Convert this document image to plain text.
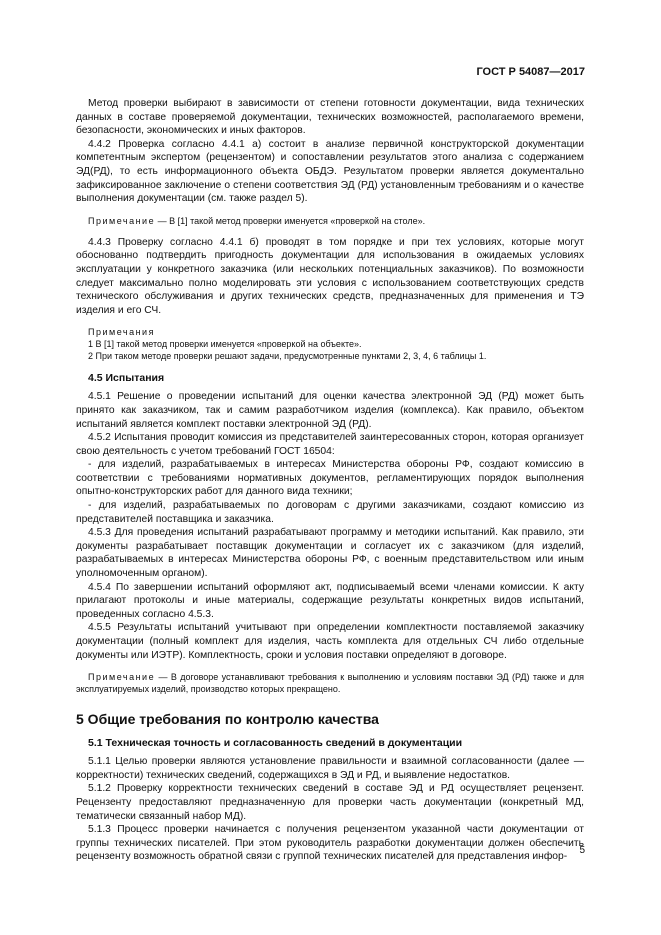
ГОСТ Р 54087—2017

Метод проверки выбирают в зависимости от степени готовности документации, вида технических данных в составе проверяемой документации, технических возможностей, располагаемого времени, безопасности, экономических и иных факторов.

4.4.2 Проверка согласно 4.4.1 а) состоит в анализе первичной конструкторской документации компетентным экспертом (рецензентом) и сопоставлении результатов этого анализа с содержанием ЭД(РД), то есть информационного объекта ОБДЭ. Результатом проверки является документально зафиксированное заключение о степени соответствия ЭД (РД) установленным требованиям и о качестве выполнения документации (см. также раздел 5).

Примечание — В [1] такой метод проверки именуется «проверкой на столе».

4.4.3 Проверку согласно 4.4.1 б) проводят в том порядке и при тех условиях, которые могут обоснованно подтвердить пригодность документации для использования в ожидаемых условиях эксплуатации у конкретного заказчика (или нескольких потенциальных заказчиков). По возможности следует максимально полно моделировать эти условия с использованием соответствующих средств технического обслуживания и других технических средств, предназначенных для применения и ТЭ изделия и его СЧ.

Примечания

1 В [1] такой метод проверки именуется «проверкой на объекте».

2 При таком методе проверки решают задачи, предусмотренные пунктами 2, 3, 4, 6 таблицы 1.

4.5 Испытания

4.5.1 Решение о проведении испытаний для оценки качества электронной ЭД (РД) может быть принято как заказчиком, так и самим разработчиком изделия (комплекса). Как правило, объектом испытаний является комплект поставки электронной ЭД (РД).

4.5.2 Испытания проводит комиссия из представителей заинтересованных сторон, которая организует свою деятельность с учетом требований ГОСТ 16504:

- для изделий, разрабатываемых в интересах Министерства обороны РФ, создают комиссию в соответствии с требованиями нормативных документов, регламентирующих порядок выполнения опытно-конструкторских работ для данного вида техники;

- для изделий, разрабатываемых по договорам с другими заказчиками, создают комиссию из представителей поставщика и заказчика.

4.5.3 Для проведения испытаний разрабатывают программу и методики испытаний. Как правило, эти документы разрабатывает поставщик документации и согласует их с заказчиком (для изделий, разрабатываемых в интересах Министерства обороны РФ, с военным представительством или иным уполномоченным органом).

4.5.4 По завершении испытаний оформляют акт, подписываемый всеми членами комиссии. К акту прилагают протоколы и иные материалы, содержащие результаты конкретных видов испытаний, проведенных согласно 4.5.3.

4.5.5 Результаты испытаний учитывают при определении комплектности поставляемой заказчику документации (полный комплект для изделия, часть комплекта для отдельных СЧ либо отдельные документы или ИЭТР). Комплектность, сроки и условия поставки определяют в договоре.

Примечание — В договоре устанавливают требования к выполнению и условиям поставки ЭД (РД) также и для эксплуатируемых изделий, производство которых прекращено.

5 Общие требования по контролю качества
5.1 Техническая точность и согласованность сведений в документации

5.1.1 Целью проверки являются установление правильности и взаимной согласованности (далее — корректности) технических сведений, содержащихся в ЭД и РД, и выявление недостатков.

5.1.2 Проверку корректности технических сведений в составе ЭД и РД осуществляет рецензент. Рецензенту предоставляют предназначенную для проверки часть документации (конкретный МД, тематически связанный набор МД).

5.1.3 Процесс проверки начинается с получения рецензентом указанной части документации от группы технических писателей. При этом руководитель разработки документации должен обеспечить рецензенту возможность обратной связи с группой технических писателей для представления инфор-

5
